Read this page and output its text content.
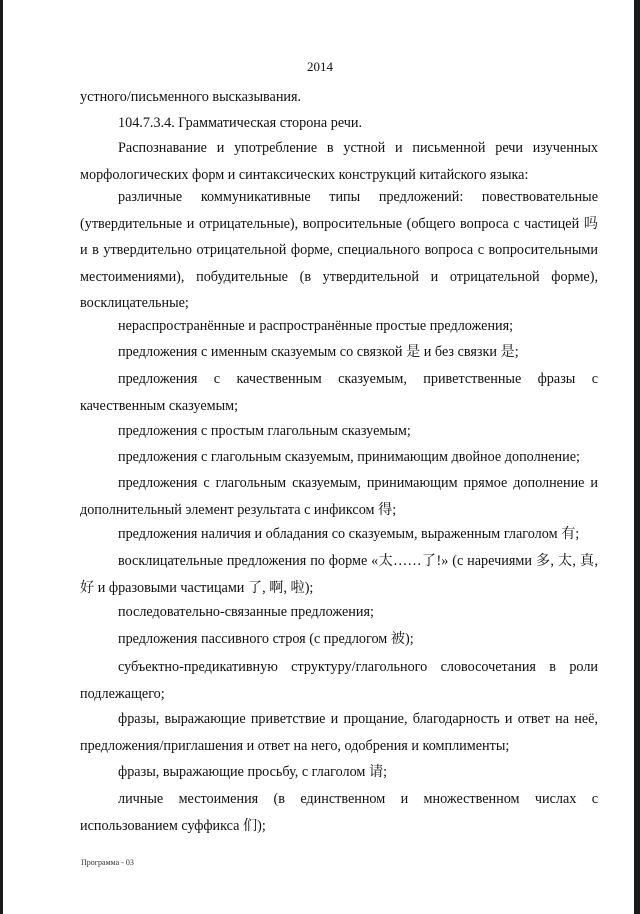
2014

устного/письменного высказывания.

104.7.3.4. Грамматическая сторона речи.

Распознавание и употребление в устной и письменной речи изученных морфологических форм и синтаксических конструкций китайского языка:

различные коммуникативные типы предложений: повествовательные (утвердительные и отрицательные), вопросительные (общего вопроса с частицей 吗 и в утвердительно отрицательной форме, специального вопроса с вопросительными местоимениями), побудительные (в утвердительной и отрицательной форме), восклицательные;

нераспространённые и распространённые простые предложения;

предложения с именным сказуемым со связкой 是 и без связки 是;

предложения с качественным сказуемым, приветственные фразы с качественным сказуемым;

предложения с простым глагольным сказуемым;

предложения с глагольным сказуемым, принимающим двойное дополнение;

предложения с глагольным сказуемым, принимающим прямое дополнение и дополнительный элемент результата с инфиксом 得;

предложения наличия и обладания со сказуемым, выраженным глаголом 有;

восклицательные предложения по форме «太……了!» (с наречиями 多, 太, 真, 好 и фразовыми частицами 了, 啊, 啦);

последовательно-связанные предложения;

предложения пассивного строя (с предлогом 被);

субъектно-предикативную структуру/глагольного словосочетания в роли подлежащего;

фразы, выражающие приветствие и прощание, благодарность и ответ на неё, предложения/приглашения и ответ на него, одобрения и комплименты;

фразы, выражающие просьбу, с глаголом 请;

личные местоимения (в единственном и множественном числах с использованием суффикса 们);

Программа - 03
